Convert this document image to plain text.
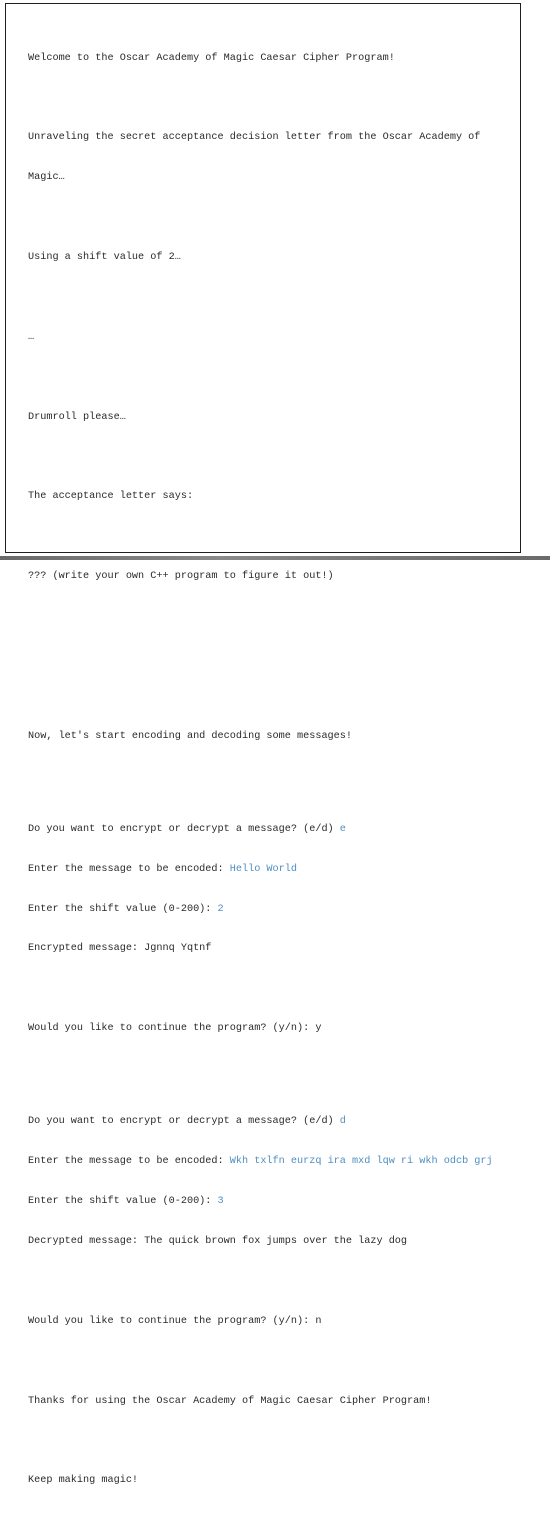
Welcome to the Oscar Academy of Magic Caesar Cipher Program!

Unraveling the secret acceptance decision letter from the Oscar Academy of

Magic…

Using a shift value of 2…

…

Drumroll please…

The acceptance letter says:

??? (write your own C++ program to figure it out!)

Now, let's start encoding and decoding some messages!

Do you want to encrypt or decrypt a message? (e/d) e

Enter the message to be encoded: Hello World

Enter the shift value (0-200): 2

Encrypted message: Jgnnq Yqtnf

Would you like to continue the program? (y/n): y

Do you want to encrypt or decrypt a message? (e/d) d

Enter the message to be encoded: Wkh txlfn eurzq ira mxd lqw ri wkh odcb grj

Enter the shift value (0-200): 3

Decrypted message: The quick brown fox jumps over the lazy dog

Would you like to continue the program? (y/n): n

Thanks for using the Oscar Academy of Magic Caesar Cipher Program!

Keep making magic!
